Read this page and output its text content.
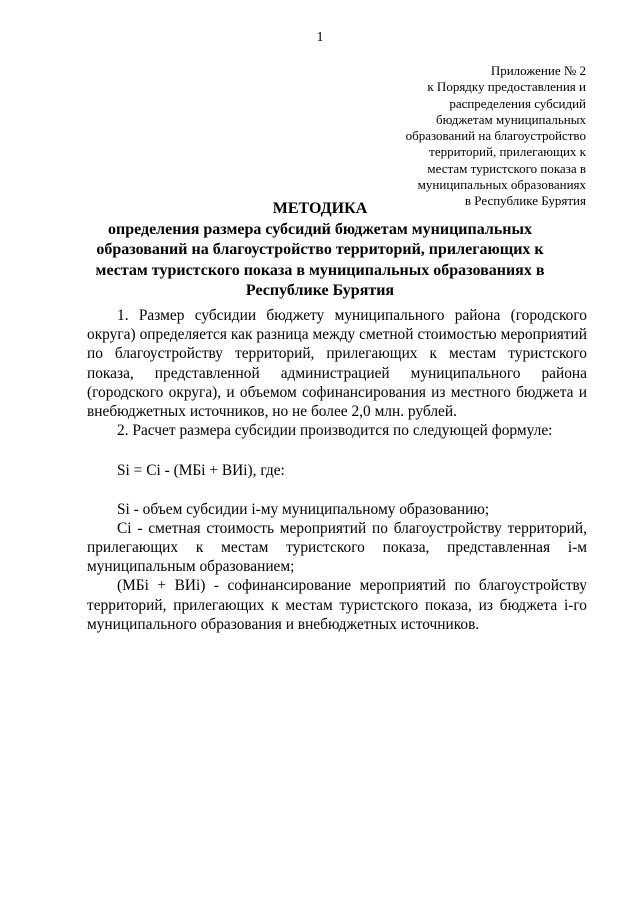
1
Приложение № 2
к Порядку предоставления и
распределения субсидий
бюджетам муниципальных
образований на благоустройство
территорий, прилегающих к
местам туристского показа в
муниципальных образованиях
в Республике Бурятия
МЕТОДИКА
определения размера субсидий бюджетам муниципальных
образований на благоустройство территорий, прилегающих к
местам туристского показа в муниципальных образованиях в
Республике Бурятия

1. Размер субсидии бюджету муниципального района (городского округа) определяется как разница между сметной стоимостью мероприятий по благоустройству территорий, прилегающих к местам туристского показа, представленной администрацией муниципального района (городского округа), и объемом софинансирования из местного бюджета и внебюджетных источников, но не более 2,0 млн. рублей.

2. Расчет размера субсидии производится по следующей формуле:

Si = Ci - (МБi + ВИi), где:

Si - объем субсидии i-му муниципальному образованию;

Ci - сметная стоимость мероприятий по благоустройству территорий, прилегающих к местам туристского показа, представленная i-м муниципальным образованием;

(МБi + ВИi) - софинансирование мероприятий по благоустройству территорий, прилегающих к местам туристского показа, из бюджета i-го муниципального образования и внебюджетных источников.
